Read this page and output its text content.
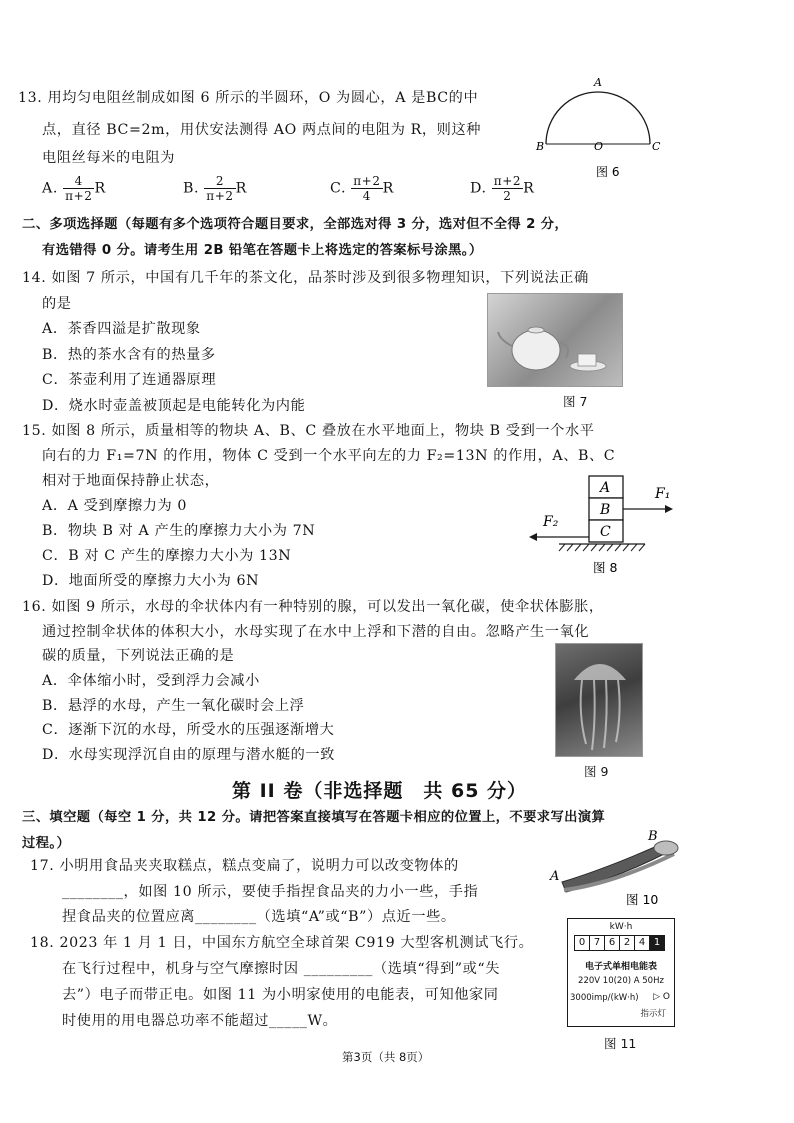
13. 用均匀电阻丝制成如图 6 所示的半圆环，O 为圆心，A 是BC的中
点，直径 BC=2m，用伏安法测得 AO 两点间的电阻为 R，则这种
电阻丝每米的电阻为
A. $\frac{4}{\pi+2}$ R	B. $\frac{2}{\pi+2}$ R	C. $\frac{\pi+2}{4}$ R	D. $\frac{\pi+2}{2}$ R
A
B	O	C
图 6
二、多项选择题（每题有多个选项符合题目要求，全部选对得 3 分，选对但不全得 2 分，
有选错得 0 分。请考生用 2B 铅笔在答题卡上将选定的答案标号涂黑。）
14. 如图 7 所示，中国有几千年的茶文化，品茶时涉及到很多物理知识，下列说法正确
的是
A．茶香四溢是扩散现象
B．热的茶水含有的热量多
C．茶壶利用了连通器原理
D．烧水时壶盖被顶起是电能转化为内能	图 7
15. 如图 8 所示，质量相等的物块 A、B、C 叠放在水平地面上，物块 B 受到一个水平
向右的力 F₁=7N 的作用，物体 C 受到一个水平向左的力 F₂=13N 的作用，A、B、C
相对于地面保持静止状态，
A．A 受到摩擦力为 0
B．物块 B 对 A 产生的摩擦力大小为 7N
C．B 对 C 产生的摩擦力大小为 13N
D．地面所受的摩擦力大小为 6N
A
B
C
F₁
F₂
图 8
16. 如图 9 所示，水母的伞状体内有一种特别的腺，可以发出一氧化碳，使伞状体膨胀，
通过控制伞状体的体积大小，水母实现了在水中上浮和下潜的自由。忽略产生一氧化
碳的质量，下列说法正确的是
A．伞体缩小时，受到浮力会减小
B．悬浮的水母，产生一氧化碳时会上浮
C．逐渐下沉的水母，所受水的压强逐渐增大
D．水母实现浮沉自由的原理与潜水艇的一致
图 9
第 II 卷（非选择题　共 65 分）
三、填空题（每空 1 分，共 12 分。请把答案直接填写在答题卡相应的位置上，不要求写出演算
过程。）
17. 小明用食品夹夹取糕点，糕点变扁了，说明力可以改变物体的
________，如图 10 所示，要使手指捏食品夹的力小一些，手指
捏食品夹的位置应离________（选填“A”或“B”）点近一些。
A
B
图 10
18. 2023 年 1 月 1 日，中国东方航空全球首架 C919 大型客机测试飞行。
在飞行过程中，机身与空气摩擦时因 _________（选填“得到”或“失
去”）电子而带正电。如图 11 为小明家使用的电能表，可知他家同
时使用的用电器总功率不能超过_____W。
kW·h
0 7 6 2 4 1
电子式单相电能表
220V 10(20) A 50Hz
3000imp/(kW·h) ▷ O
指示灯
图 11
第3页（共 8页）
